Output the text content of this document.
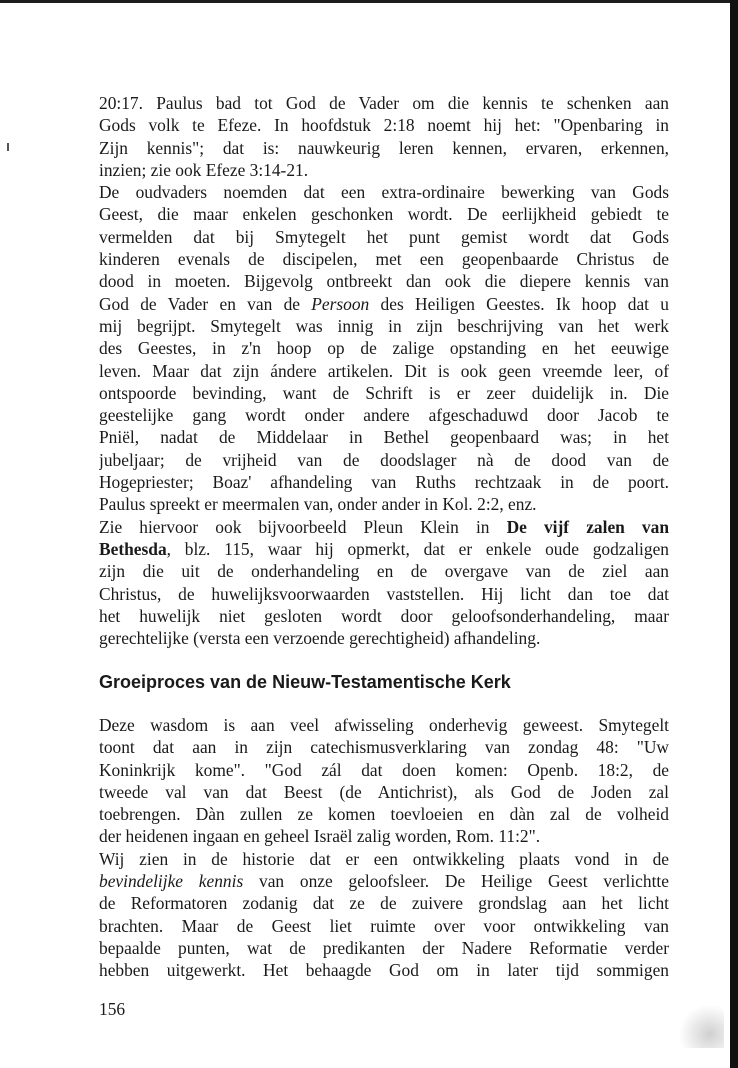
20:17. Paulus bad tot God de Vader om die kennis te schenken aan
Gods volk te Efeze. In hoofdstuk 2:18 noemt hij het: "Openbaring in
Zijn kennis"; dat is: nauwkeurig leren kennen, ervaren, erkennen,
inzien; zie ook Efeze 3:14-21.
De oudvaders noemden dat een extra-ordinaire bewerking van Gods
Geest, die maar enkelen geschonken wordt. De eerlijkheid gebiedt te
vermelden dat bij Smytegelt het punt gemist wordt dat Gods
kinderen evenals de discipelen, met een geopenbaarde Christus de
dood in moeten. Bijgevolg ontbreekt dan ook die diepere kennis van
God de Vader en van de Persoon des Heiligen Geestes. Ik hoop dat u
mij begrijpt. Smytegelt was innig in zijn beschrijving van het werk
des Geestes, in z'n hoop op de zalige opstanding en het eeuwige
leven. Maar dat zijn ándere artikelen. Dit is ook geen vreemde leer, of
ontspoorde bevinding, want de Schrift is er zeer duidelijk in. Die
geestelijke gang wordt onder andere afgeschaduwd door Jacob te
Pniël, nadat de Middelaar in Bethel geopenbaard was; in het
jubeljaar; de vrijheid van de doodslager nà de dood van de
Hogepriester; Boaz' afhandeling van Ruths rechtzaak in de poort.
Paulus spreekt er meermalen van, onder ander in Kol. 2:2, enz.
Zie hiervoor ook bijvoorbeeld Pleun Klein in De vijf zalen van
Bethesda, blz. 115, waar hij opmerkt, dat er enkele oude godzaligen
zijn die uit de onderhandeling en de overgave van de ziel aan
Christus, de huwelijksvoorwaarden vaststellen. Hij licht dan toe dat
het huwelijk niet gesloten wordt door geloofsonderhandeling, maar
gerechtelijke (versta een verzoende gerechtigheid) afhandeling.
Groeiproces van de Nieuw-Testamentische Kerk
Deze wasdom is aan veel afwisseling onderhevig geweest. Smytegelt
toont dat aan in zijn catechismusverklaring van zondag 48: "Uw
Koninkrijk kome". "God zál dat doen komen: Openb. 18:2, de
tweede val van dat Beest (de Antichrist), als God de Joden zal
toebrengen. Dàn zullen ze komen toevloeien en dàn zal de volheid
der heidenen ingaan en geheel Israël zalig worden, Rom. 11:2".
Wij zien in de historie dat er een ontwikkeling plaats vond in de
bevindelijke kennis van onze geloofsleer. De Heilige Geest verlichtte
de Reformatoren zodanig dat ze de zuivere grondslag aan het licht
brachten. Maar de Geest liet ruimte over voor ontwikkeling van
bepaalde punten, wat de predikanten der Nadere Reformatie verder
hebben uitgewerkt. Het behaagde God om in later tijd sommigen
156
